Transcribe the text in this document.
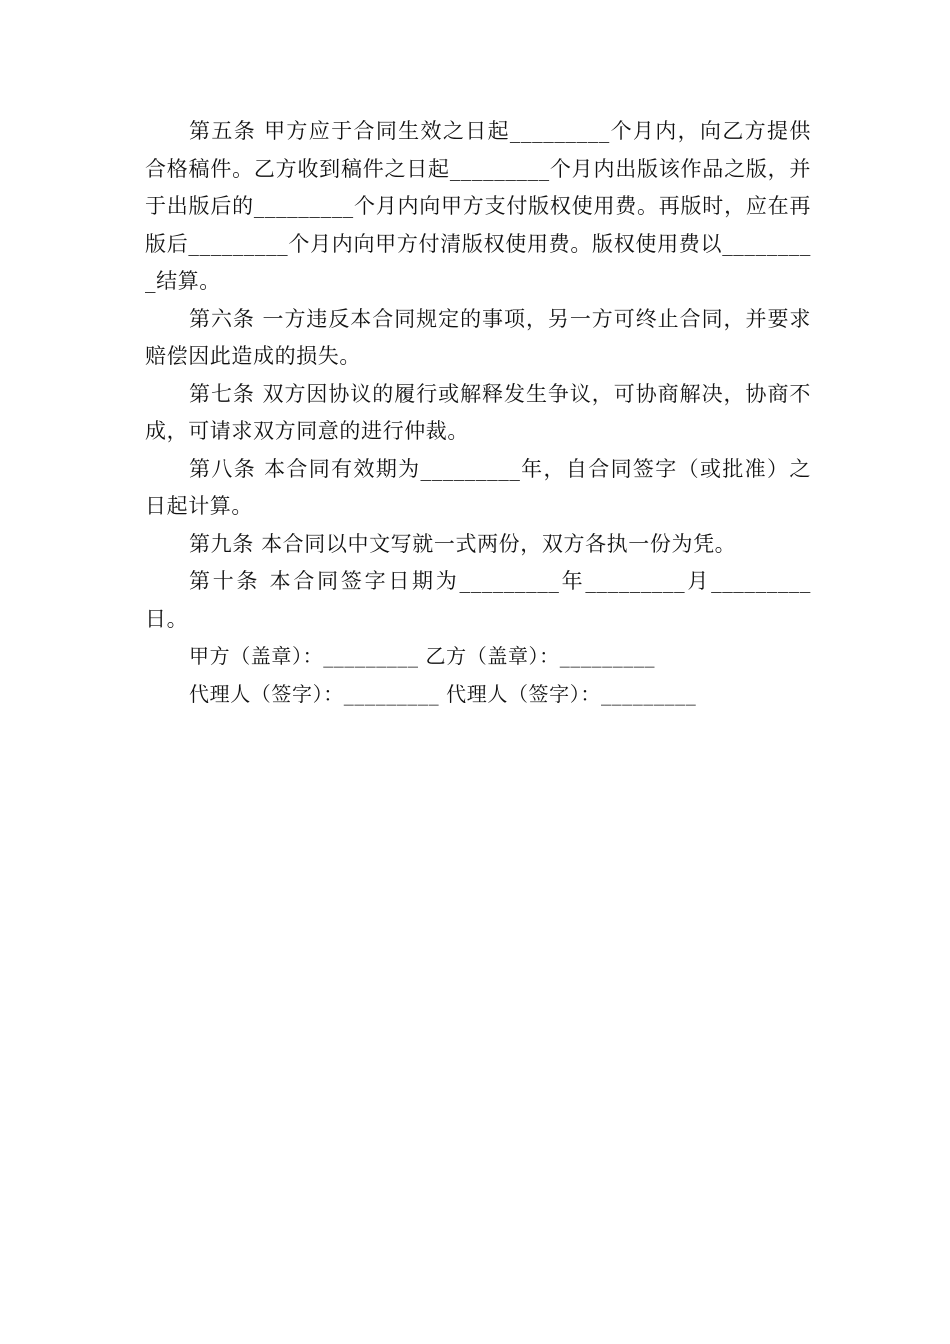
第五条 甲方应于合同生效之日起_________个月内，向乙方提供合格稿件。乙方收到稿件之日起_________个月内出版该作品之版，并于出版后的_________个月内向甲方支付版权使用费。再版时，应在再版后_________个月内向甲方付清版权使用费。版权使用费以_________结算。

第六条 一方违反本合同规定的事项，另一方可终止合同，并要求赔偿因此造成的损失。

第七条 双方因协议的履行或解释发生争议，可协商解决，协商不成，可请求双方同意的进行仲裁。

第八条 本合同有效期为_________年，自合同签字（或批准）之日起计算。

第九条 本合同以中文写就一式两份，双方各执一份为凭。

第十条 本合同签字日期为_________年_________月_________日。

甲方（盖章）：_________ 乙方（盖章）：_________

代理人（签字）：_________ 代理人（签字）：_________
